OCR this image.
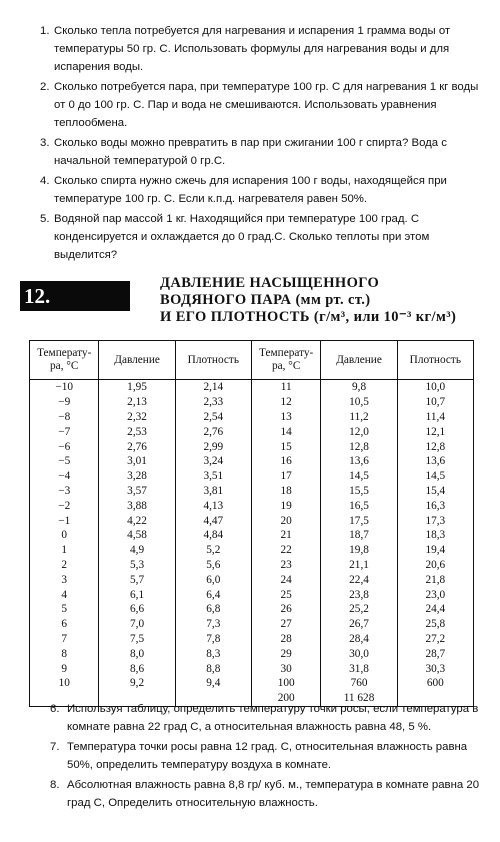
1. Сколько тепла потребуется для нагревания и испарения 1 грамма воды от температуры 50 гр. С. Использовать формулы для нагревания воды и для испарения воды.
2. Сколько потребуется пара, при температуре 100 гр. С для нагревания 1 кг воды от 0 до 100 гр. С. Пар и вода не смешиваются. Использовать уравнения теплообмена.
3. Сколько воды можно превратить в пар при сжигании 100 г спирта? Вода с начальной температурой 0 гр.С.
4. Сколько спирта нужно сжечь для испарения 100 г воды, находящейся при температуре 100 гр. С. Если к.п.д. нагревателя равен 50%.
5. Водяной пар массой 1 кг. Находящийся при температуре 100 град. С конденсируется и охлаждается до 0 град.С. Сколько теплоты при этом выделится?
12.
ДАВЛЕНИЕ НАСЫЩЕННОГО
ВОДЯНОГО ПАРА (мм рт. ст.)
И ЕГО ПЛОТНОСТЬ (г/м³, или 10⁻³ кг/м³)
Температу-ра, °С	Давление	Плотность	Температу-ра, °С	Давление	Плотность
−10	1,95	2,14	11	9,8	10,0
−9	2,13	2,33	12	10,5	10,7
−8	2,32	2,54	13	11,2	11,4
−7	2,53	2,76	14	12,0	12,1
−6	2,76	2,99	15	12,8	12,8
−5	3,01	3,24	16	13,6	13,6
−4	3,28	3,51	17	14,5	14,5
−3	3,57	3,81	18	15,5	15,4
−2	3,88	4,13	19	16,5	16,3
−1	4,22	4,47	20	17,5	17,3
0	4,58	4,84	21	18,7	18,3
1	4,9	5,2	22	19,8	19,4
2	5,3	5,6	23	21,1	20,6
3	5,7	6,0	24	22,4	21,8
4	6,1	6,4	25	23,8	23,0
5	6,6	6,8	26	25,2	24,4
6	7,0	7,3	27	26,7	25,8
7	7,5	7,8	28	28,4	27,2
8	8,0	8,3	29	30,0	28,7
9	8,6	8,8	30	31,8	30,3
10	9,2	9,4	100	760	600
			200	11 628	
6. Используя таблицу, определить температуру точки росы, если температура в комнате равна 22 град С, а относительная влажность равна 48, 5 %.
7. Температура точки росы равна 12 град. С, относительная влажность равна 50%, определить температуру воздуха в комнате.
8. Абсолютная влажность равна 8,8 гр/ куб. м., температура в комнате равна 20 град С, Определить относительную влажность.
